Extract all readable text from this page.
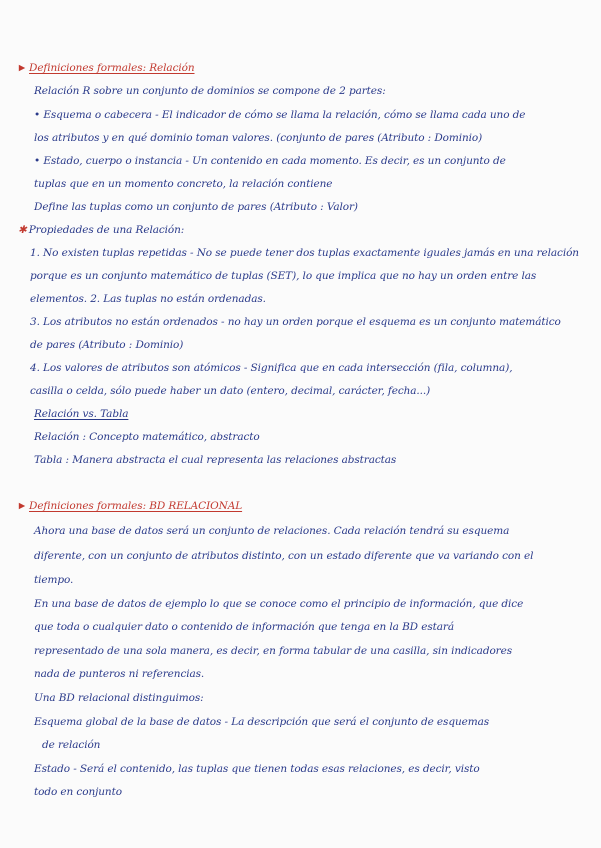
Definiciones formales: Relación
Relación R sobre un conjunto de dominios se compone de 2 partes:
• Esquema o cabecera - El indicador de cómo se llama la relación, cómo se llama cada uno de
los atributos y en qué dominio toman valores. (conjunto de pares (Atributo : Dominio)
• Estado, cuerpo o instancia - Un contenido en cada momento. Es decir, es un conjunto de
tuplas que en un momento concreto, la relación contiene
Define las tuplas como un conjunto de pares (Atributo : Valor)
✱ Propiedades de una Relación:
1. No existen tuplas repetidas - No se puede tener dos tuplas exactamente iguales jamás en una relación
porque es un conjunto matemático de tuplas (SET), lo que implica que no hay un orden entre las
elementos. 2. Las tuplas no están ordenadas.
3. Los atributos no están ordenados - no hay un orden porque el esquema es un conjunto matemático
de pares (Atributo : Dominio)
4. Los valores de atributos son atómicos - Significa que en cada intersección (fila, columna),
casilla o celda, sólo puede haber un dato (entero, decimal, carácter, fecha...)
Relación vs. Tabla
Relación : Concepto matemático, abstracto
Tabla : Manera abstracta el cual representa las relaciones abstractas
Definiciones formales: BD RELACIONAL
Ahora una base de datos será un conjunto de relaciones. Cada relación tendrá su esquema
diferente, con un conjunto de atributos distinto, con un estado diferente que va variando con el
tiempo.
En una base de datos de ejemplo lo que se conoce como el principio de información, que dice
que toda o cualquier dato o contenido de información que tenga en la BD estará
representado de una sola manera, es decir, en forma tabular de una casilla, sin indicadores
nada de punteros ni referencias.
Una BD relacional distinguimos:
Esquema global de la base de datos - La descripción que será el conjunto de esquemas
de relación
Estado - Será el contenido, las tuplas que tienen todas esas relaciones, es decir, visto
todo en conjunto
